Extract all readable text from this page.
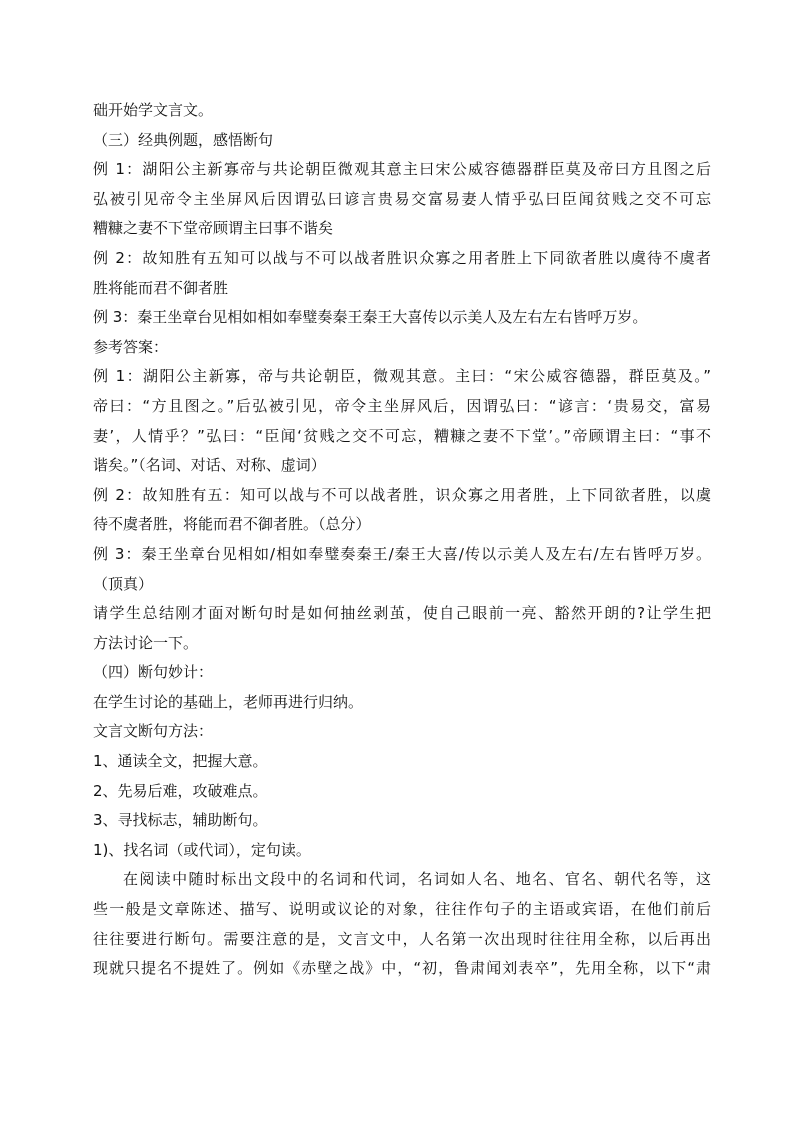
础开始学文言文。
（三）经典例题，感悟断句
例 1：湖阳公主新寡帝与共论朝臣微观其意主曰宋公威容德器群臣莫及帝曰方且图之后
弘被引见帝令主坐屏风后因谓弘曰谚言贵易交富易妻人情乎弘曰臣闻贫贱之交不可忘
糟糠之妻不下堂帝顾谓主曰事不谐矣
例 2：故知胜有五知可以战与不可以战者胜识众寡之用者胜上下同欲者胜以虞待不虞者
胜将能而君不御者胜
例 3：秦王坐章台见相如相如奉璧奏秦王秦王大喜传以示美人及左右左右皆呼万岁。
参考答案：
例 1：湖阳公主新寡，帝与共论朝臣，微观其意。主曰：“宋公威容德器，群臣莫及。”
帝曰：“方且图之。”后弘被引见，帝令主坐屏风后，因谓弘曰：“谚言：‘贵易交，富易
妻’，人情乎？”弘曰：“臣闻‘贫贱之交不可忘，糟糠之妻不下堂’。”帝顾谓主曰：“事不
谐矣。”（名词、对话、对称、虚词）
例 2：故知胜有五：知可以战与不可以战者胜，识众寡之用者胜，上下同欲者胜，以虞
待不虞者胜，将能而君不御者胜。（总分）
例 3：秦王坐章台见相如/相如奉璧奏秦王/秦王大喜/传以示美人及左右/左右皆呼万岁。
（顶真）
请学生总结刚才面对断句时是如何抽丝剥茧，使自己眼前一亮、豁然开朗的?让学生把
方法讨论一下。
（四）断句妙计：
在学生讨论的基础上，老师再进行归纳。
文言文断句方法：
1、通读全文，把握大意。
2、先易后难，攻破难点。
3、寻找标志，辅助断句。
1)、找名词（或代词），定句读。
在阅读中随时标出文段中的名词和代词，名词如人名、地名、官名、朝代名等，这
些一般是文章陈述、描写、说明或议论的对象，往往作句子的主语或宾语，在他们前后
往往要进行断句。需要注意的是，文言文中，人名第一次出现时往往用全称，以后再出
现就只提名不提姓了。例如《赤壁之战》中，“初，鲁肃闻刘表卒”，先用全称，以下“肃
